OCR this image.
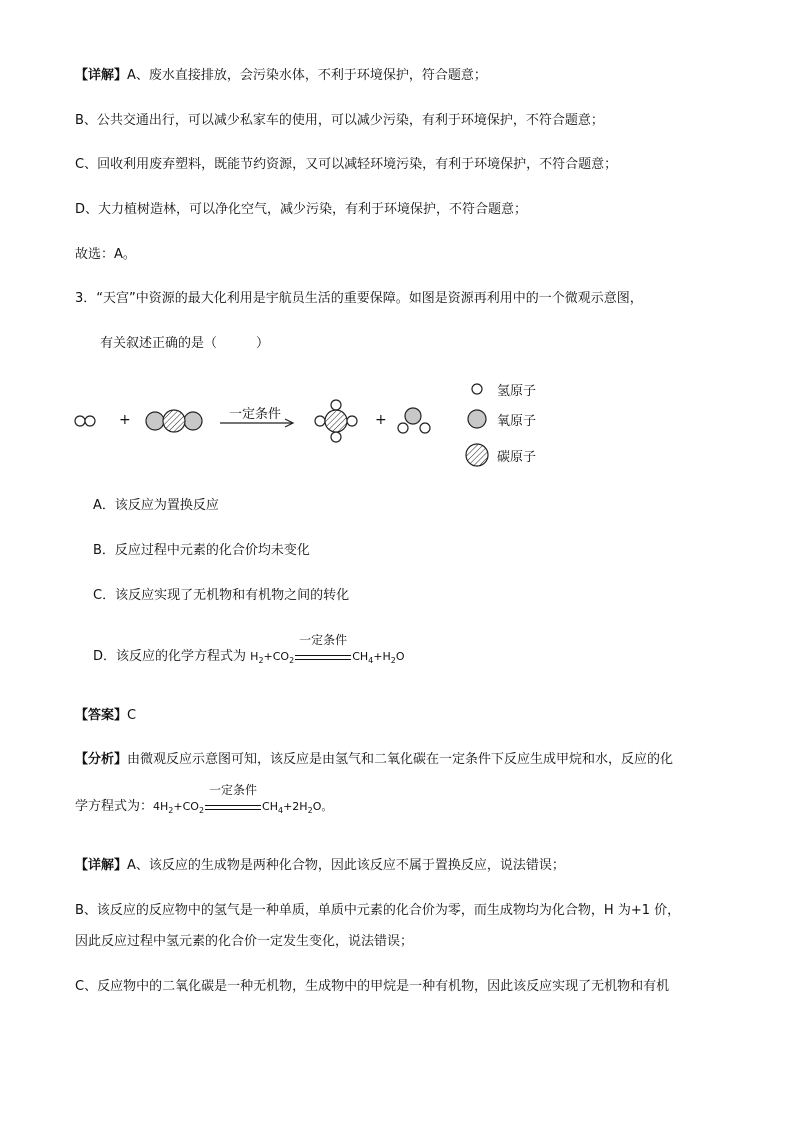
【详解】A、废水直接排放，会污染水体，不利于环境保护，符合题意；
B、公共交通出行，可以减少私家车的使用，可以减少污染，有利于环境保护，不符合题意；
C、回收利用废弃塑料，既能节约资源，又可以减轻环境污染，有利于环境保护，不符合题意；
D、大力植树造林，可以净化空气，减少污染，有利于环境保护，不符合题意；
故选：A。
3．“天宫”中资源的最大化利用是宇航员生活的重要保障。如图是资源再利用中的一个微观示意图，
有关叙述正确的是（　　　）
+	+
一定条件
氢原子
氧原子
碳原子
A．该反应为置换反应
B．反应过程中元素的化合价均未变化
C．该反应实现了无机物和有机物之间的转化
D．该反应的化学方程式为 $H_2+CO_2$
一定条件
$CH_4+H_2O$
【答案】C
【分析】由微观反应示意图可知，该反应是由氢气和二氧化碳在一定条件下反应生成甲烷和水，反应的化
学方程式为：$4H_2+CO_2$
一定条件
$CH_4+2H_2O$。
【详解】A、该反应的生成物是两种化合物，因此该反应不属于置换反应，说法错误；
B、该反应的反应物中的氢气是一种单质，单质中元素的化合价为零，而生成物均为化合物，H 为+1 价，
因此反应过程中氢元素的化合价一定发生变化，说法错误；
C、反应物中的二氧化碳是一种无机物，生成物中的甲烷是一种有机物，因此该反应实现了无机物和有机
